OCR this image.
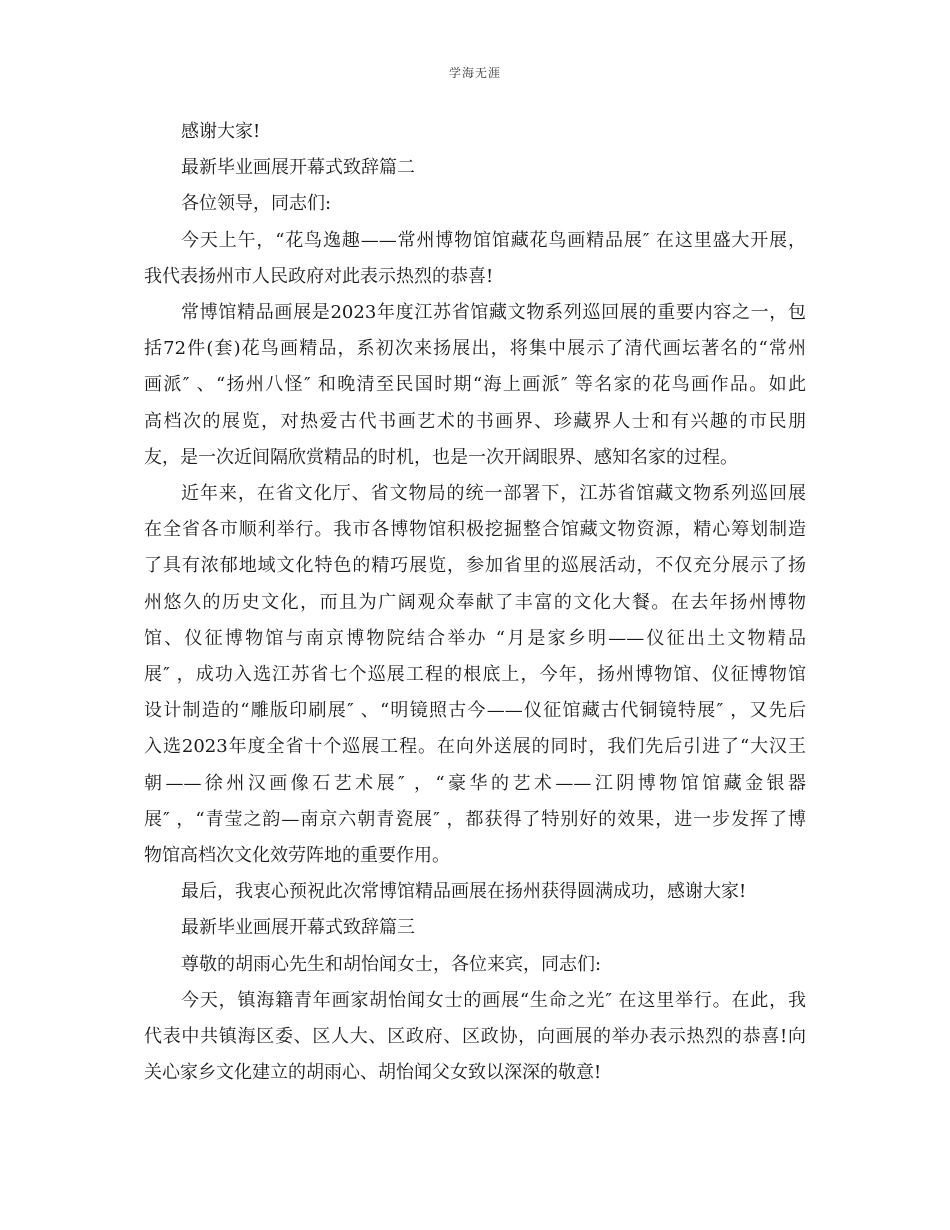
学海无涯

感谢大家!

最新毕业画展开幕式致辞篇二

各位领导，同志们:

今天上午，“花鸟逸趣——常州博物馆馆藏花鸟画精品展″ 在这里盛大开展，
我代表扬州市人民政府对此表示热烈的恭喜!

常博馆精品画展是2023年度江苏省馆藏文物系列巡回展的重要内容之一，包
括72件(套)花鸟画精品，系初次来扬展出，将集中展示了清代画坛著名的“常州
画派″ 、“扬州八怪″ 和晚清至民国时期“海上画派″ 等名家的花鸟画作品。如此
高档次的展览，对热爱古代书画艺术的书画界、珍藏界人士和有兴趣的市民朋
友，是一次近间隔欣赏精品的时机，也是一次开阔眼界、感知名家的过程。

近年来，在省文化厅、省文物局的统一部署下，江苏省馆藏文物系列巡回展
在全省各市顺利举行。我市各博物馆积极挖掘整合馆藏文物资源，精心筹划制造
了具有浓郁地域文化特色的精巧展览，参加省里的巡展活动，不仅充分展示了扬
州悠久的历史文化，而且为广阔观众奉献了丰富的文化大餐。在去年扬州博物
馆、仪征博物馆与南京博物院结合举办 “月是家乡明——仪征出土文物精品
展″ ，成功入选江苏省七个巡展工程的根底上，今年，扬州博物馆、仪征博物馆
设计制造的“雕版印刷展″ 、“明镜照古今——仪征馆藏古代铜镜特展″ ，又先后
入选2023年度全省十个巡展工程。在向外送展的同时，我们先后引进了“大汉王
朝——徐州汉画像石艺术展″ ，“豪华的艺术——江阴博物馆馆藏金银器
展″ ，“青莹之韵—南京六朝青瓷展″ ，都获得了特别好的效果，进一步发挥了博
物馆高档次文化效劳阵地的重要作用。

最后，我衷心预祝此次常博馆精品画展在扬州获得圆满成功，感谢大家!

最新毕业画展开幕式致辞篇三

尊敬的胡雨心先生和胡怡闻女士，各位来宾，同志们:

今天，镇海籍青年画家胡怡闻女士的画展“生命之光″ 在这里举行。在此，我
代表中共镇海区委、区人大、区政府、区政协，向画展的举办表示热烈的恭喜!向
关心家乡文化建立的胡雨心、胡怡闻父女致以深深的敬意!
